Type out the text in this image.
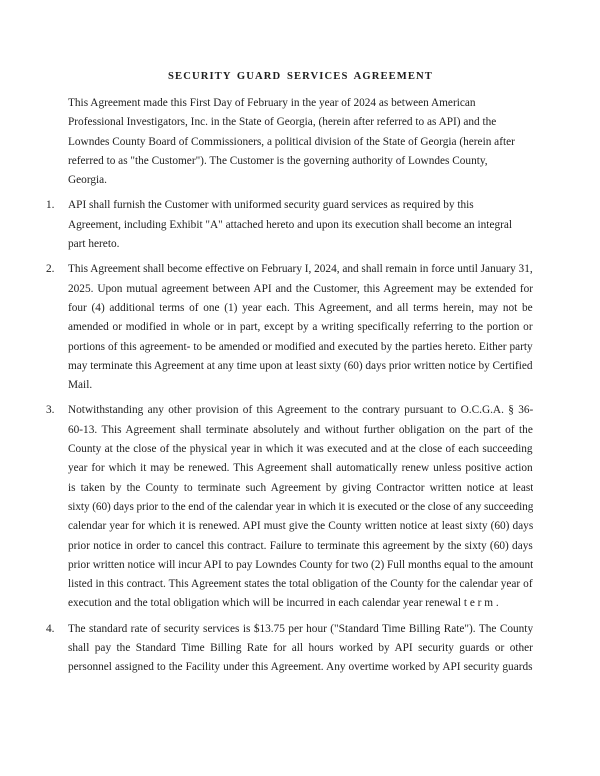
SECURITY GUARD SERVICES AGREEMENT
This Agreement made this First Day of February in the year of 2024 as between American
Professional Investigators, Inc. in the State of Georgia, (herein after referred to as API) and the
Lowndes County Board of Commissioners, a political division of the State of Georgia (herein after
referred to as "the Customer"). The Customer is the governing authority of Lowndes County,
Georgia.
1. API shall furnish the Customer with uniformed security guard services as required by this
Agreement, including Exhibit "A" attached hereto and upon its execution shall become an integral
part hereto.
2. This Agreement shall become effective on February I, 2024, and shall remain in force until January 31,
2025. Upon mutual agreement between API and the Customer, this Agreement may be extended for
four (4) additional terms of one (1) year each. This Agreement, and all terms herein, may not be
amended or modified in whole or in part, except by a writing specifically referring to the portion or
portions of this agreement- to be amended or modified and executed by the parties hereto. Either party
may terminate this Agreement at any time upon at least sixty (60) days prior written notice by Certified
Mail.
3. Notwithstanding any other provision of this Agreement to the contrary pursuant to O.C.G.A. § 36-
60-13. This Agreement shall terminate absolutely and without further obligation on the part of the
County at the close of the physical year in which it was executed and at the close of each succeeding
year for which it may be renewed. This Agreement shall automatically renew unless positive action
is taken by the County to terminate such Agreement by giving Contractor written notice at least
sixty (60) days prior to the end of the calendar year in which it is executed or the close of any succeeding
calendar year for which it is renewed. API must give the County written notice at least sixty (60) days
prior notice in order to cancel this contract. Failure to terminate this agreement by the sixty (60) days
prior written notice will incur API to pay Lowndes County for two (2) Full months equal to the amount
listed in this contract. This Agreement states the total obligation of the County for the calendar year of
execution and the total obligation which will be incurred in each calendar year renewal t e r m .
4. The standard rate of security services is $13.75 per hour ("Standard Time Billing Rate"). The County
shall pay the Standard Time Billing Rate for all hours worked by API security guards or other
personnel assigned to the Facility under this Agreement. Any overtime worked by API security guards
